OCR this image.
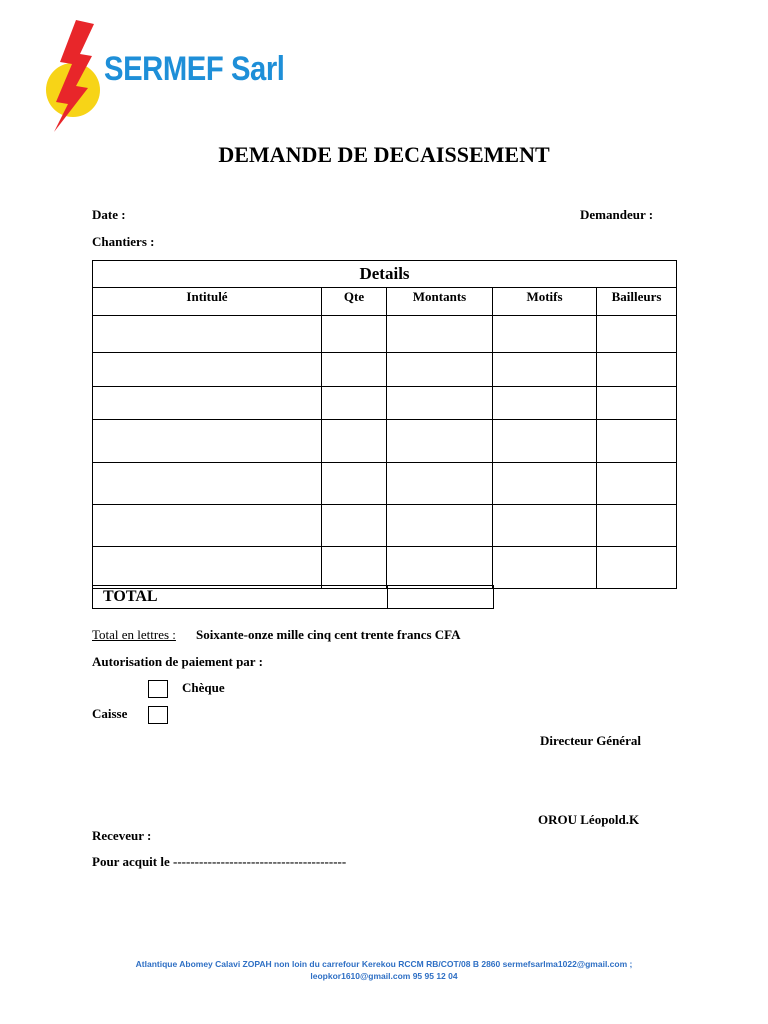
SERMEF Sarl
DEMANDE DE DECAISSEMENT
Date :	Demandeur :
Chantiers :
Details				
Intitulé	Qte	Montants	Motifs	Bailleurs

TOTAL	
Total en lettres : Soixante-onze mille cinq cent trente francs CFA
Autorisation de paiement par :
Chèque
Caisse
Directeur Général
OROU Léopold.K
Receveur :
Pour acquit le ----------------------------------------
Atlantique Abomey Calavi ZOPAH non loin du carrefour Kerekou RCCM RB/COT/08 B 2860 sermefsarlma1022@gmail.com ;
leopkor1610@gmail.com 95 95 12 04
